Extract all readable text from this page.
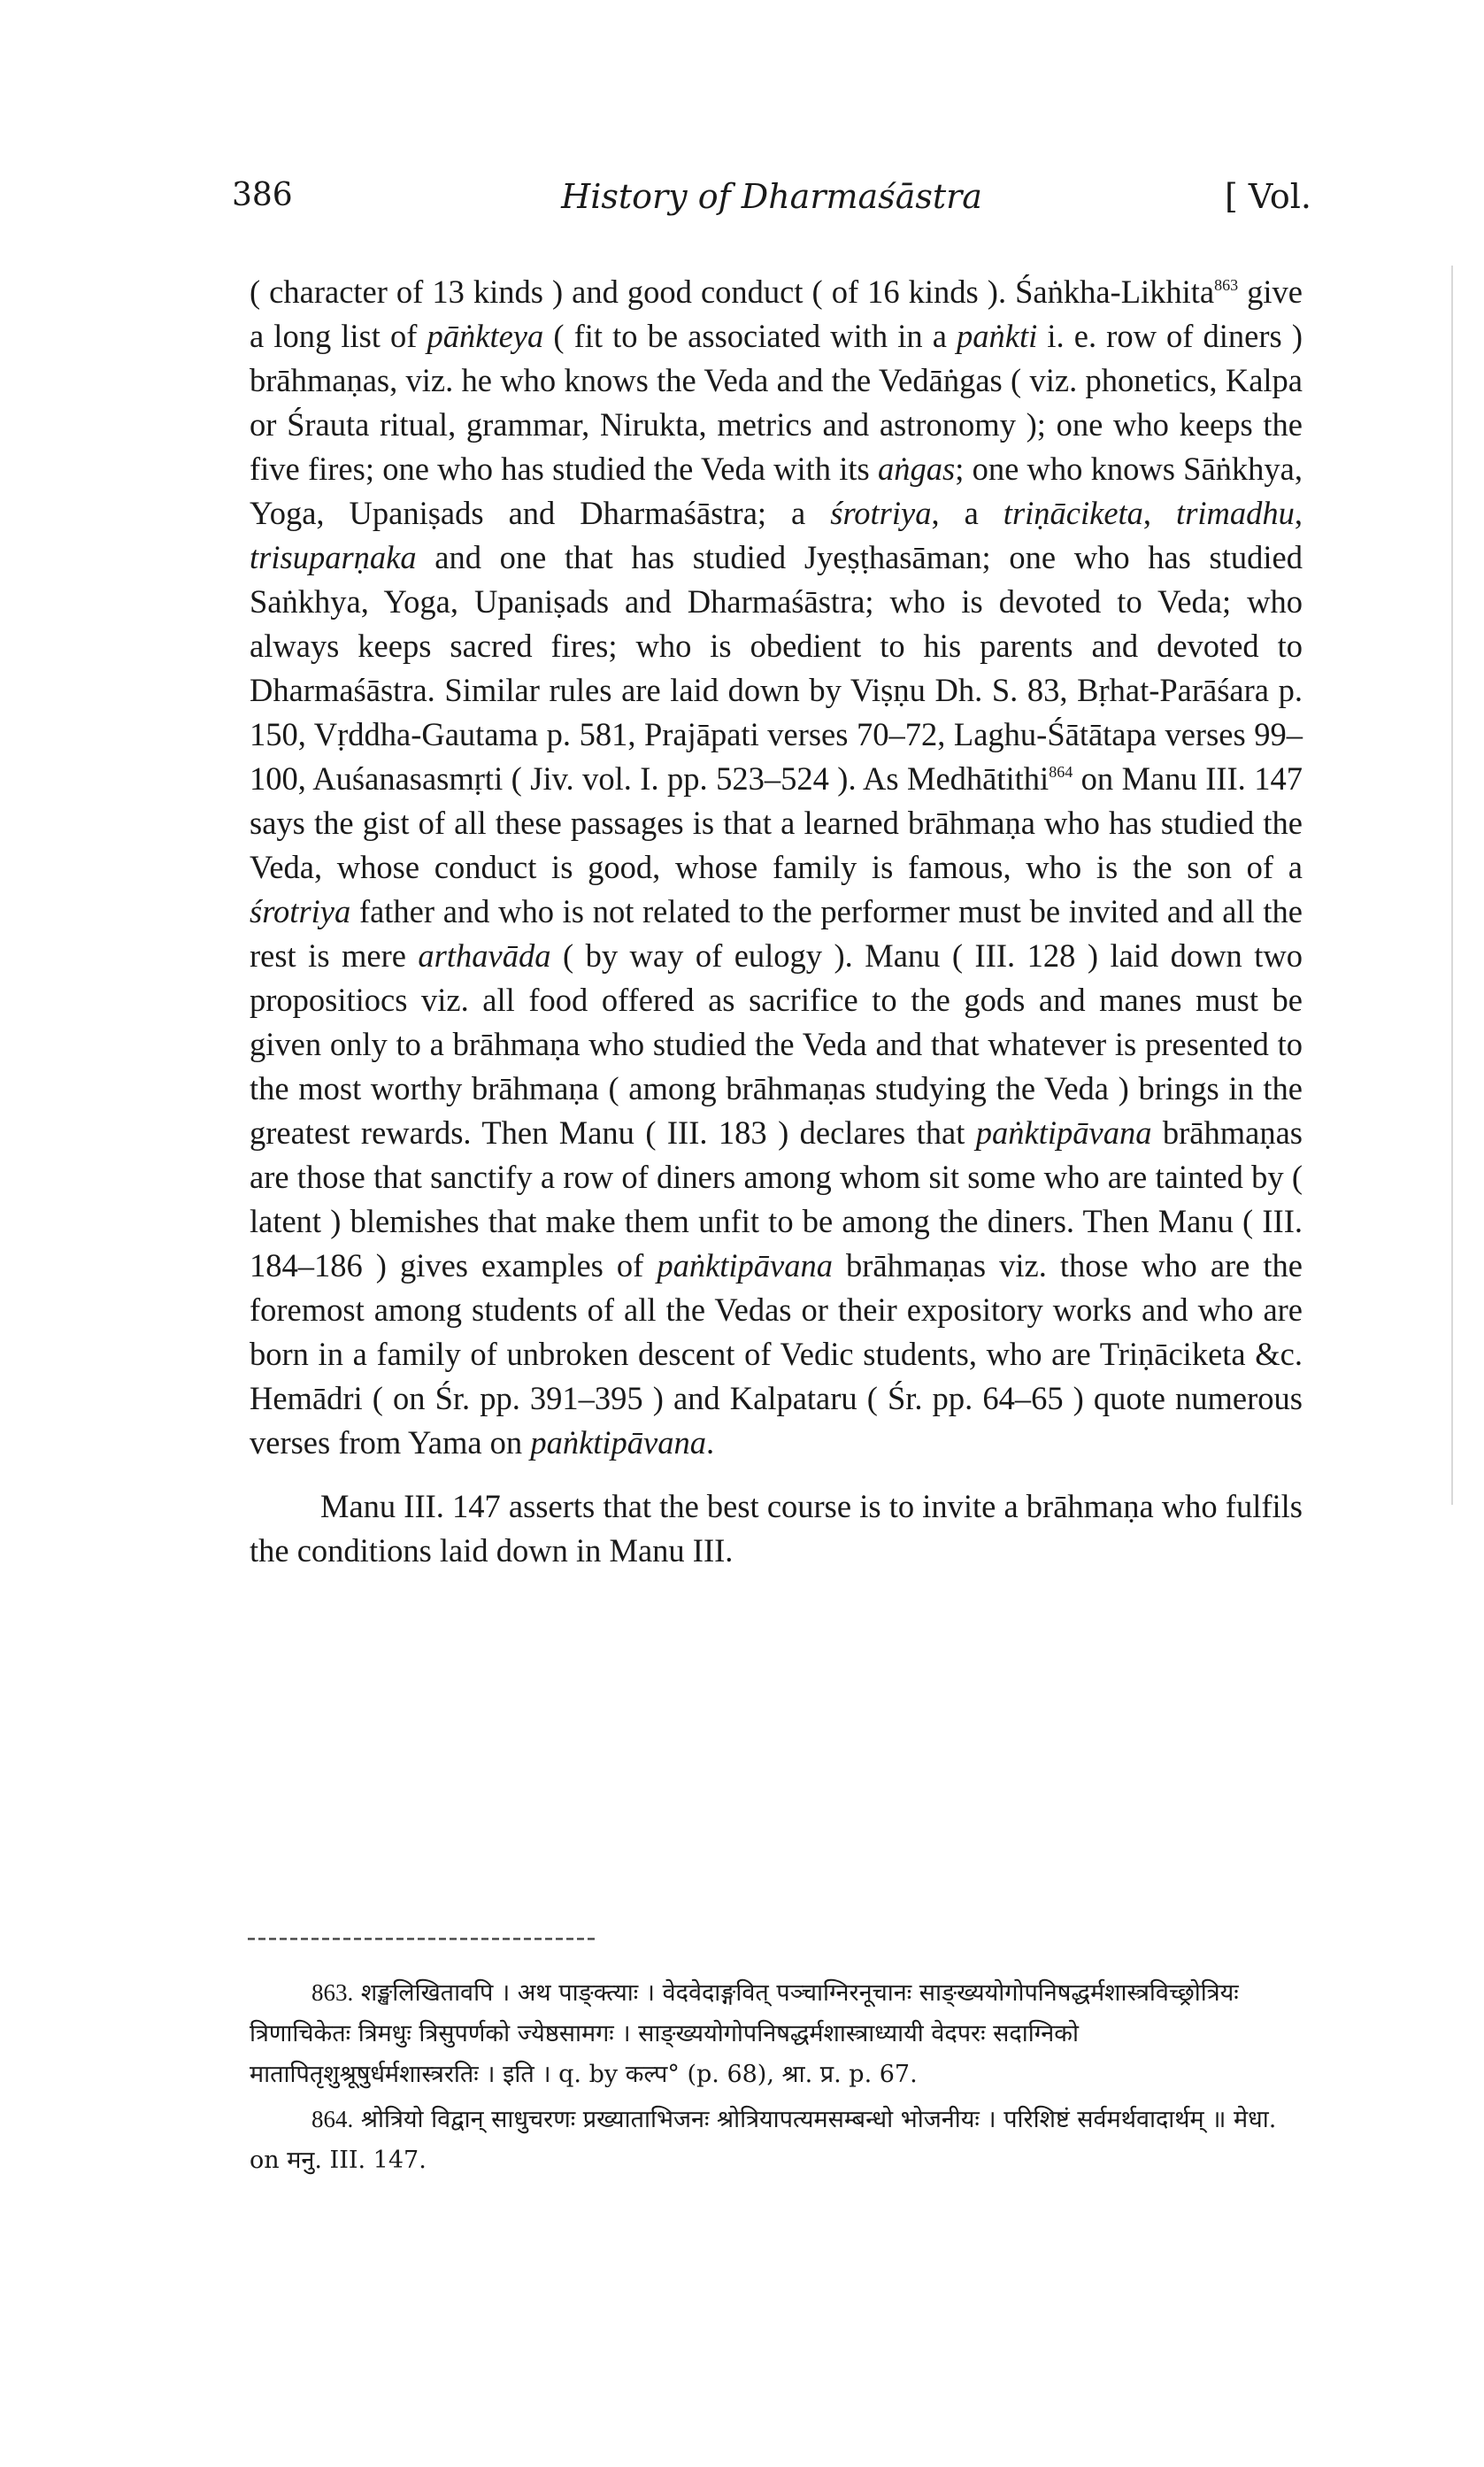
386	History of Dharmaśāstra	[ Vol.

( character of 13 kinds ) and good conduct ( of 16 kinds ). Śaṅkha-Likhita$^{863}$ give a long list of pāṅkteya ( fit to be associated with in a paṅkti i. e. row of diners ) brāhmaṇas, viz. he who knows the Veda and the Vedāṅgas ( viz. phonetics, Kalpa or Śrauta ritual, grammar, Nirukta, metrics and astronomy ); one who keeps the five fires; one who has studied the Veda with its aṅgas; one who knows Sāṅkhya, Yoga, Upaniṣads and Dharmaśāstra; a śrotriya, a triṇāciketa, trimadhu, trisuparṇaka and one that has studied Jyeṣṭhasāman; one who has studied Saṅkhya, Yoga, Upaniṣads and Dharmaśāstra; who is devoted to Veda; who always keeps sacred fires; who is obedient to his parents and devoted to Dharmaśāstra. Similar rules are laid down by Viṣṇu Dh. S. 83, Bṛhat-Parāśara p. 150, Vṛddha-Gautama p. 581, Prajāpati verses 70–72, Laghu-Śātātapa verses 99–100, Auśanasasmṛti ( Jiv. vol. I. pp. 523–524 ). As Medhātithi$^{864}$ on Manu III. 147 says the gist of all these passages is that a learned brāhmaṇa who has studied the Veda, whose conduct is good, whose family is famous, who is the son of a śrotriya father and who is not related to the performer must be invited and all the rest is mere arthavāda ( by way of eulogy ). Manu ( III. 128 ) laid down two propositiocs viz. all food offered as sacrifice to the gods and manes must be given only to a brāhmaṇa who studied the Veda and that whatever is presented to the most worthy brāhmaṇa ( among brāhmaṇas studying the Veda ) brings in the greatest rewards. Then Manu ( III. 183 ) declares that paṅktipāvana brāhmaṇas are those that sanctify a row of diners among whom sit some who are tainted by ( latent ) blemishes that make them unfit to be among the diners. Then Manu ( III. 184–186 ) gives examples of paṅktipāvana brāhmaṇas viz. those who are the foremost among students of all the Vedas or their expository works and who are born in a family of unbroken descent of Vedic students, who are Triṇāciketa &c. Hemādri ( on Śr. pp. 391–395 ) and Kalpataru ( Śr. pp. 64–65 ) quote numerous verses from Yama on paṅktipāvana.

Manu III. 147 asserts that the best course is to invite a brāhmaṇa who fulfils the conditions laid down in Manu III.

863. शङ्खलिखितावपि । अथ पाङ्क्त्याः । वेदवेदाङ्गवित् पञ्चाग्निरनूचानः साङ्ख्ययोगोपनिषद्धर्मशास्त्रविच्छ्रोत्रियः त्रिणाचिकेतः त्रिमधुः त्रिसुपर्णको ज्येष्ठसामगः । साङ्ख्ययोगोपनिषद्धर्मशास्त्राध्यायी वेदपरः सदाग्निको मातापितृशुश्रूषुर्धर्मशास्त्ररतिः । इति । q. by कल्प° (p. 68), श्रा. प्र. p. 67.

864. श्रोत्रियो विद्वान् साधुचरणः प्रख्याताभिजनः श्रोत्रियापत्यमसम्बन्धो भोजनीयः । परिशिष्टं सर्वमर्थवादार्थम् ॥ मेधा. on मनु. III. 147.
